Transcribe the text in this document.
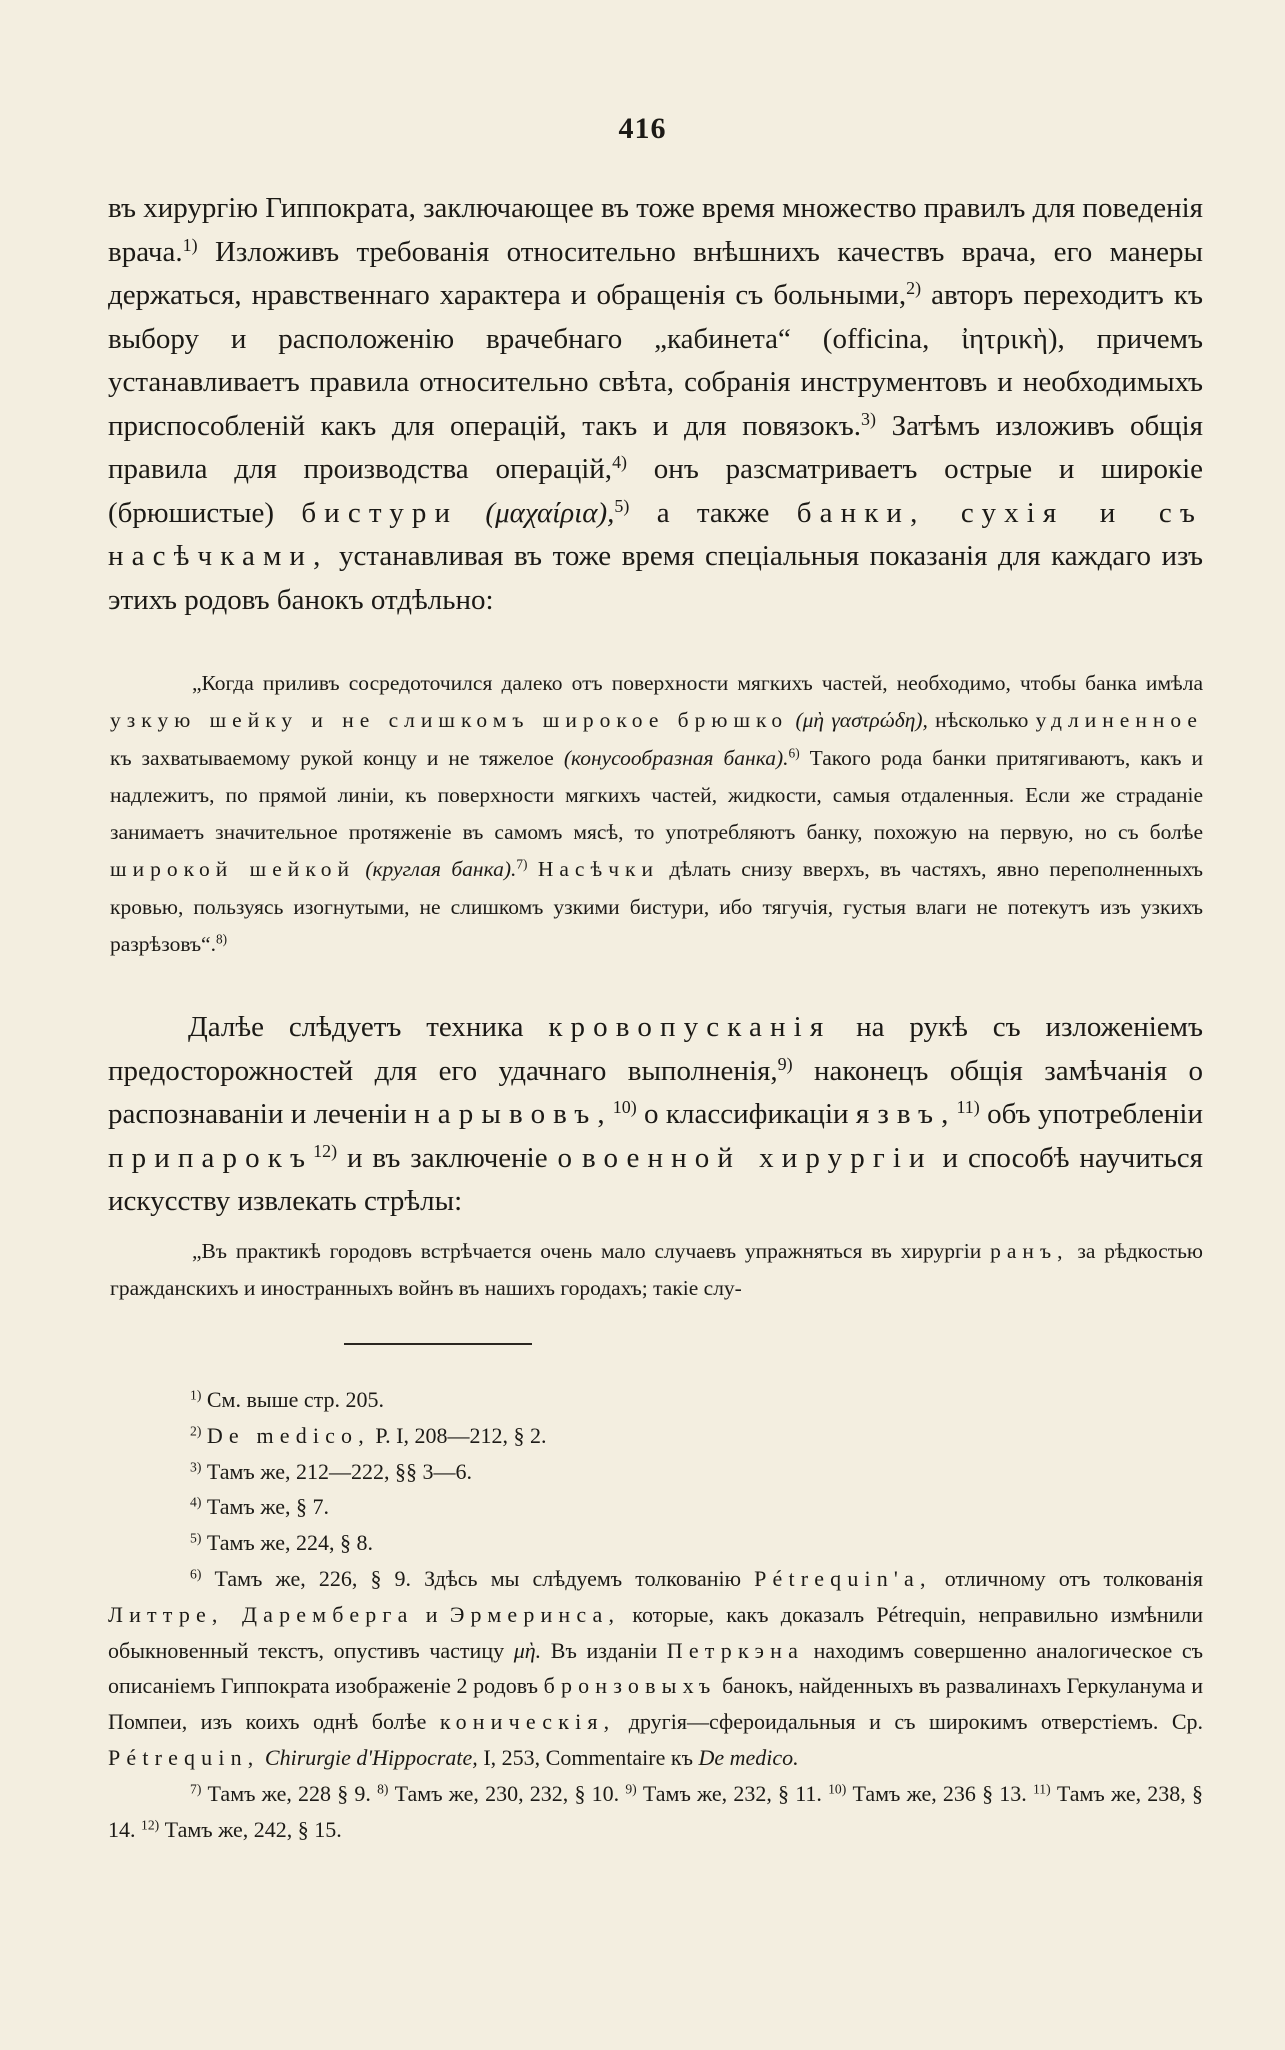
416
въ хирургію Гиппократа, заключающее въ тоже время множество правилъ для поведенія врача.$^{1)}$ Изложивъ требованія относительно внѣшнихъ качествъ врача, его манеры держаться, нравственнаго характера и обращенія съ больными,$^{2)}$ авторъ переходитъ къ выбору и расположенію врачебнаго „кабинета“ (officina, ἰητρικὴ), причемъ устанавливаетъ правила относительно свѣта, собранія инструментовъ и необходимыхъ приспособленій какъ для операцій, такъ и для повязокъ.$^{3)}$ Затѣмъ изложивъ общія правила для производства операцій,$^{4)}$ онъ разсматриваетъ острые и широкіе (брюшистые) бистури (μαχαίρια),$^{5)}$ а также банки, сухія и съ насѣчками, устанавливая въ тоже время спеціальныя показанія для каждаго изъ этихъ родовъ банокъ отдѣльно:
„Когда приливъ сосредоточился далеко отъ поверхности мягкихъ частей, необходимо, чтобы банка имѣла узкую шейку и не слишкомъ широкое брюшко (μὴ γαστρώδη), нѣсколько удлиненное къ захватываемому рукой концу и не тяжелое (конусообразная банка).$^{6)}$ Такого рода банки притягиваютъ, какъ и надлежитъ, по прямой линіи, къ поверхности мягкихъ частей, жидкости, самыя отдаленныя. Если же страданіе занимаетъ значительное протяженіе въ самомъ мясѣ, то употребляютъ банку, похожую на первую, но съ болѣе широкой шейкой (круглая банка).$^{7)}$ Насѣчки дѣлать снизу вверхъ, въ частяхъ, явно переполненныхъ кровью, пользуясь изогнутыми, не слишкомъ узкими бистури, ибо тягучія, густыя влаги не потекутъ изъ узкихъ разрѣзовъ“.$^{8)}$
Далѣе слѣдуетъ техника кровопусканія на рукѣ съ изложеніемъ предосторожностей для его удачнаго выполненія,$^{9)}$ наконецъ общія замѣчанія о распознаваніи и леченіи нарывовъ,$^{10)}$ о классификаціи язвъ,$^{11)}$ объ употребленіи припарокъ$^{12)}$ и въ заключеніе о военной хирургіи и способѣ научиться искусству извлекать стрѣлы:
„Въ практикѣ городовъ встрѣчается очень мало случаевъ упражняться въ хирургіи ранъ, за рѣдкостью гражданскихъ и иностранныхъ войнъ въ нашихъ городахъ; такіе слу-
$^{1)}$ См. выше стр. 205.
$^{2)}$ De medico, P. I, 208—212, § 2.
$^{3)}$ Тамъ же, 212—222, §§ 3—6.
$^{4)}$ Тамъ же, § 7.
$^{5)}$ Тамъ же, 224, § 8.
$^{6)}$ Тамъ же, 226, § 9. Здѣсь мы слѣдуемъ толкованію Pétrequin'a, отличному отъ толкованія Литтре, Даремберга и Эрмеринса, которые, какъ доказалъ Pétrequin, неправильно измѣнили обыкновенный текстъ, опустивъ частицу μὴ. Въ изданіи Петркэна находимъ совершенно аналогическое съ описаніемъ Гиппократа изображеніе 2 родовъ бронзовыхъ банокъ, найденныхъ въ развалинахъ Геркуланума и Помпеи, изъ коихъ однѣ болѣе коническія, другія—сфероидальныя и съ широкимъ отверстіемъ. Ср. Pétrequin, Chirurgie d'Hippocrate, I, 253, Commentaire къ De medico.
$^{7)}$ Тамъ же, 228 § 9. $^{8)}$ Тамъ же, 230, 232, § 10. $^{9)}$ Тамъ же, 232, § 11. $^{10)}$ Тамъ же, 236 § 13. $^{11)}$ Тамъ же, 238, § 14. $^{12)}$ Тамъ же, 242, § 15.
